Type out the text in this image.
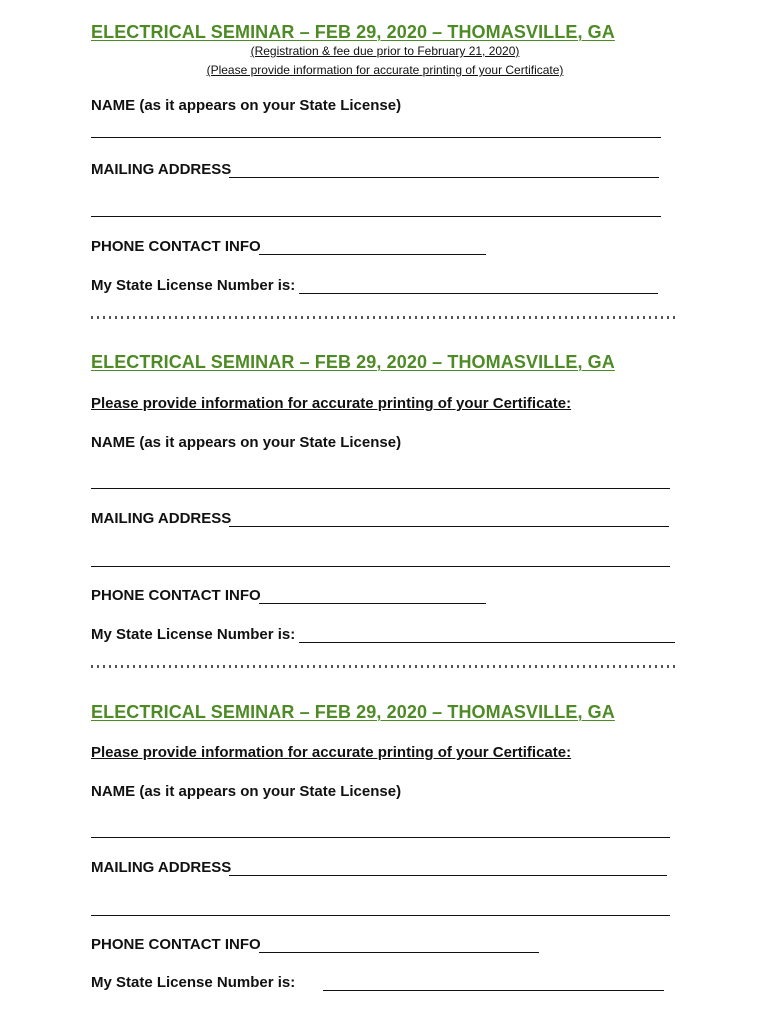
ELECTRICAL SEMINAR – FEB 29, 2020 – THOMASVILLE, GA
(Registration & fee due prior to February 21, 2020)
(Please provide information for accurate printing of your Certificate)
NAME (as it appears on your State License)
MAILING ADDRESS
PHONE CONTACT INFO
My State License Number is:
ELECTRICAL SEMINAR – FEB 29, 2020 – THOMASVILLE, GA
Please provide information for accurate printing of your Certificate:
NAME (as it appears on your State License)
MAILING ADDRESS
PHONE CONTACT INFO
My State License Number is:
ELECTRICAL SEMINAR – FEB 29, 2020 – THOMASVILLE, GA
Please provide information for accurate printing of your Certificate:
NAME (as it appears on your State License)
MAILING ADDRESS
PHONE CONTACT INFO
My State License Number is:
